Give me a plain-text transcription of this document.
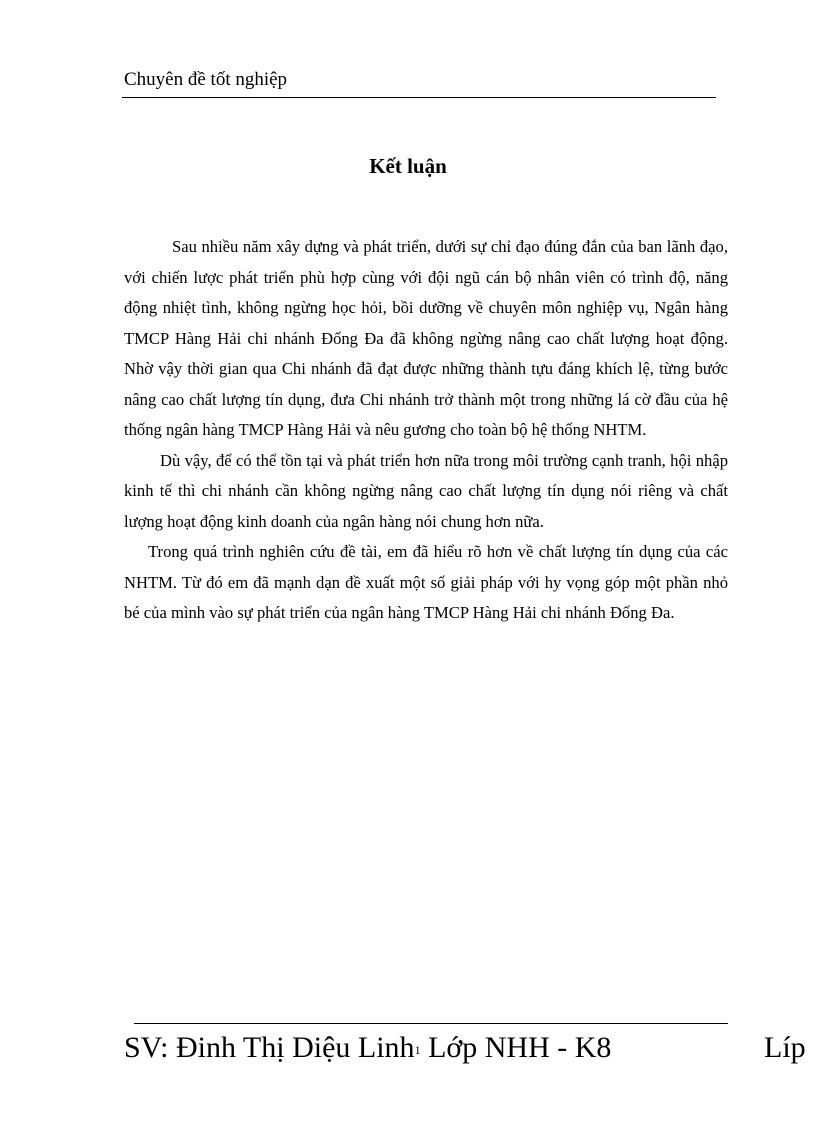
Chuyên đề tốt nghiệp
Kết luận

Sau nhiều năm xây dựng và phát triển, dưới sự chỉ đạo đúng đắn của ban lãnh đạo, với chiến lược phát triển phù hợp cùng với đội ngũ cán bộ nhân viên có trình độ, năng động nhiệt tình, không ngừng học hỏi, bồi dưỡng về chuyên môn nghiệp vụ, Ngân hàng TMCP Hàng Hải chi nhánh Đống Đa đã không ngừng nâng cao chất lượng hoạt động. Nhờ vậy thời gian qua Chi nhánh đã đạt được những thành tựu đáng khích lệ, từng bước nâng cao chất lượng tín dụng, đưa Chi nhánh trở thành một trong những lá cờ đầu của hệ thống ngân hàng TMCP Hàng Hải và nêu gương cho toàn bộ hệ thống NHTM.

Dù vậy, để có thể tồn tại và phát triển hơn nữa trong môi trường cạnh tranh, hội nhập kinh tế thì chi nhánh cần không ngừng nâng cao chất lượng tín dụng nói riêng và chất lượng hoạt động kinh doanh của ngân hàng nói chung hơn nữa.

Trong quá trình nghiên cứu đề tài, em đã hiểu rõ hơn về chất lượng tín dụng của các NHTM. Từ đó em đã mạnh dạn đề xuất một số giải pháp với hy vọng góp một phần nhỏ bé của mình vào sự phát triển của ngân hàng TMCP Hàng Hải chi nhánh Đống Đa.

SV: Đinh Thị Diệu Linh$^1$ Lớp NHH - K8	Líp
